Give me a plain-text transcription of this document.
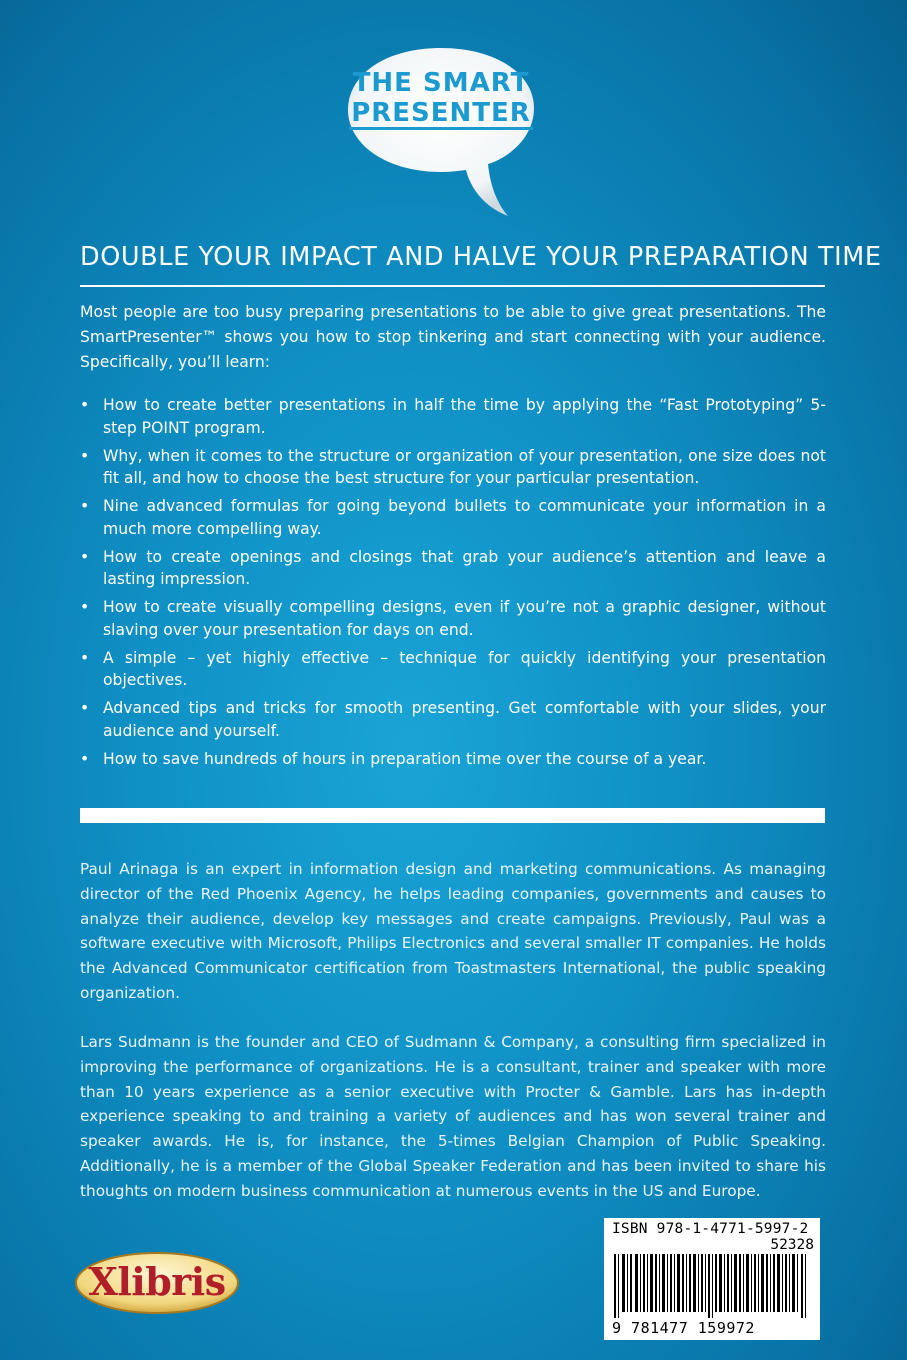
THE SMART
PRESENTER
DOUBLE YOUR IMPACT AND HALVE YOUR PREPARATION TIME
Most people are too busy preparing presentations to be able to give great presentations. The SmartPresenter™ shows you how to stop tinkering and start connecting with your audience. Specifically, you’ll learn:
• How to create better presentations in half the time by applying the “Fast Prototyping” 5-step POINT program.
• Why, when it comes to the structure or organization of your presentation, one size does not fit all, and how to choose the best structure for your particular presentation.
• Nine advanced formulas for going beyond bullets to communicate your information in a much more compelling way.
• How to create openings and closings that grab your audience’s attention and leave a lasting impression.
• How to create visually compelling designs, even if you’re not a graphic designer, without slaving over your presentation for days on end.
• A simple – yet highly effective – technique for quickly identifying your presentation objectives.
• Advanced tips and tricks for smooth presenting. Get comfortable with your slides, your audience and yourself.
• How to save hundreds of hours in preparation time over the course of a year.
Paul Arinaga is an expert in information design and marketing communications. As managing director of the Red Phoenix Agency, he helps leading companies, governments and causes to analyze their audience, develop key messages and create campaigns. Previously, Paul was a software executive with Microsoft, Philips Electronics and several smaller IT companies. He holds the Advanced Communicator certification from Toastmasters International, the public speaking organization.
Lars Sudmann is the founder and CEO of Sudmann & Company, a consulting firm specialized in improving the performance of organizations. He is a consultant, trainer and speaker with more than 10 years experience as a senior executive with Procter & Gamble. Lars has in-depth experience speaking to and training a variety of audiences and has won several trainer and speaker awards. He is, for instance, the 5-times Belgian Champion of Public Speaking. Additionally, he is a member of the Global Speaker Federation and has been invited to share his thoughts on modern business communication at numerous events in the US and Europe.
Xlibris
ISBN 978-1-4771-5997-2
52328
9 781477 159972
